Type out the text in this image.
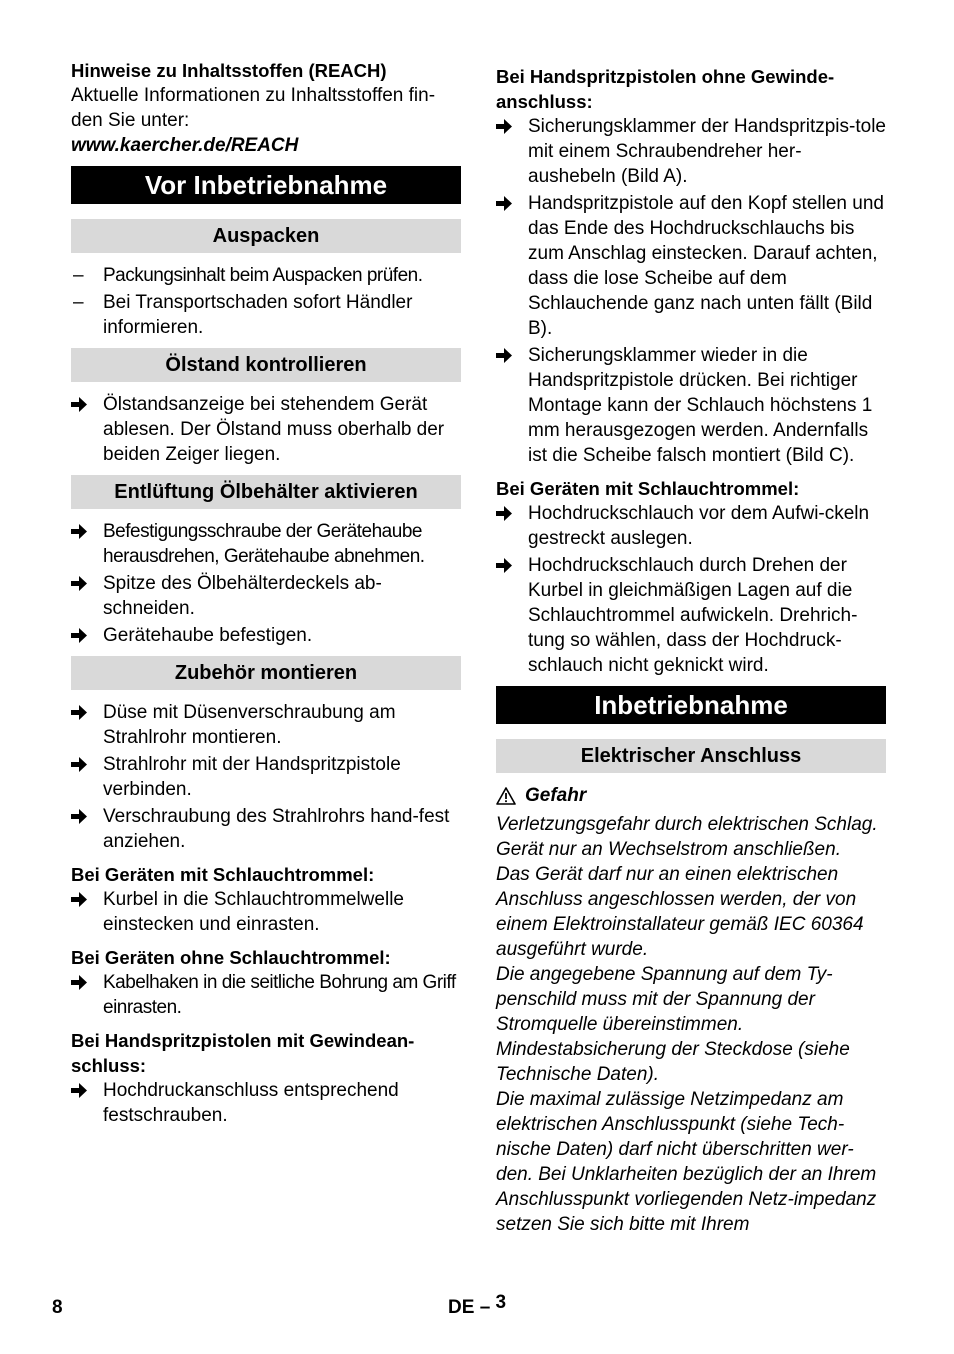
Hinweise zu Inhaltsstoffen (REACH)

Aktuelle Informationen zu Inhaltsstoffen fin-
den Sie unter:

www.kaercher.de/REACH

Vor Inbetriebnahme
Auspacken
–	Packungsinhalt beim Auspacken prüfen.
–	Bei Transportschaden sofort Händler informieren.
Ölstand kontrollieren
Ölstandsanzeige bei stehendem Gerät ablesen. Der Ölstand muss oberhalb der beiden Zeiger liegen.
Entlüftung Ölbehälter aktivieren
Befestigungsschraube der Gerätehaube herausdrehen, Gerätehaube abnehmen.
Spitze des Ölbehälterdeckels ab-schneiden.
Gerätehaube befestigen.
Zubehör montieren
Düse mit Düsenverschraubung am Strahlrohr montieren.
Strahlrohr mit der Handspritzpistole verbinden.
Verschraubung des Strahlrohrs hand-fest anziehen.

Bei Geräten mit Schlauchtrommel:

Kurbel in die Schlauchtrommelwelle einstecken und einrasten.

Bei Geräten ohne Schlauchtrommel:

Kabelhaken in die seitliche Bohrung am Griff einrasten.

Bei Handspritzpistolen mit Gewindean-
schluss:

Hochdruckanschluss entsprechend festschrauben.

Bei Handspritzpistolen ohne Gewinde-
anschluss:

Sicherungsklammer der Handspritzpis-tole mit einem Schraubendreher her-aushebeln (Bild A).
Handspritzpistole auf den Kopf stellen und das Ende des Hochdruckschlauchs bis zum Anschlag einstecken. Darauf achten, dass die lose Scheibe auf dem Schlauchende ganz nach unten fällt (Bild B).
Sicherungsklammer wieder in die Handspritzpistole drücken. Bei richtiger Montage kann der Schlauch höchstens 1 mm herausgezogen werden. Andernfalls ist die Scheibe falsch montiert (Bild C).

Bei Geräten mit Schlauchtrommel:

Hochdruckschlauch vor dem Aufwi-ckeln gestreckt auslegen.
Hochdruckschlauch durch Drehen der Kurbel in gleichmäßigen Lagen auf die Schlauchtrommel aufwickeln. Drehrich-tung so wählen, dass der Hochdruck-schlauch nicht geknickt wird.
Inbetriebnahme
Elektrischer Anschluss
Gefahr

Verletzungsgefahr durch elektrischen Schlag.

Gerät nur an Wechselstrom anschließen.

Das Gerät darf nur an einen elektrischen Anschluss angeschlossen werden, der von einem Elektroinstallateur gemäß IEC 60364 ausgeführt wurde.

Die angegebene Spannung auf dem Ty-penschild muss mit der Spannung der Stromquelle übereinstimmen.

Mindestabsicherung der Steckdose (siehe Technische Daten).

Die maximal zulässige Netzimpedanz am elektrischen Anschlusspunkt (siehe Tech-nische Daten) darf nicht überschritten wer-den. Bei Unklarheiten bezüglich der an Ihrem Anschlusspunkt vorliegenden Netz-impedanz setzen Sie sich bitte mit Ihrem

8	DE – 3
